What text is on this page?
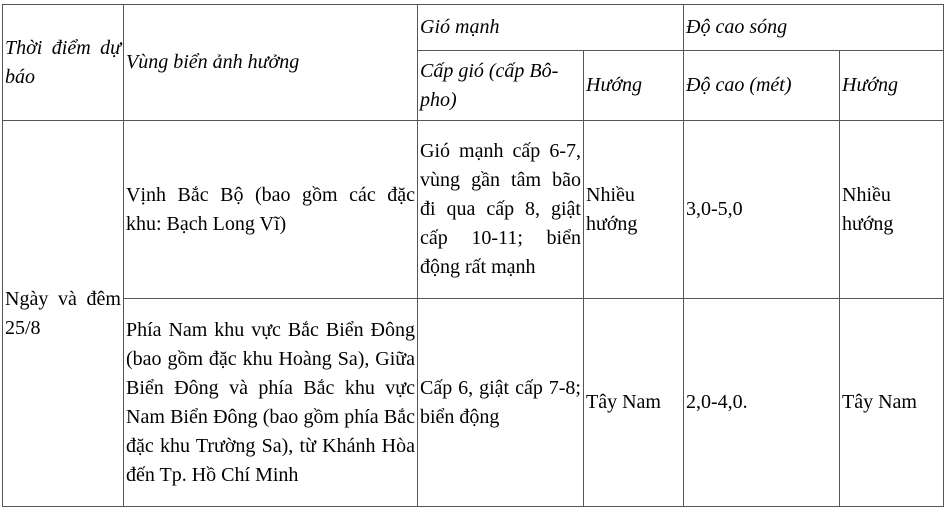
Thời điểm dự báo	Vùng biển ảnh hưởng	Gió mạnh		Độ cao sóng	
		Cấp gió (cấp Bô-pho)	Hướng	Độ cao (mét)	Hướng
Ngày và đêm 25/8	Vịnh Bắc Bộ (bao gồm các đặc khu: Bạch Long Vĩ)	Gió mạnh cấp 6-7, vùng gần tâm bão đi qua cấp 8, giật cấp 10-11; biển động rất mạnh	Nhiều hướng	3,0-5,0	Nhiều hướng
	Phía Nam khu vực Bắc Biển Đông (bao gồm đặc khu Hoàng Sa), Giữa Biển Đông và phía Bắc khu vực Nam Biển Đông (bao gồm phía Bắc đặc khu Trường Sa), từ Khánh Hòa đến Tp. Hồ Chí Minh	Cấp 6, giật cấp 7-8; biển động	Tây Nam	2,0-4,0.	Tây Nam
